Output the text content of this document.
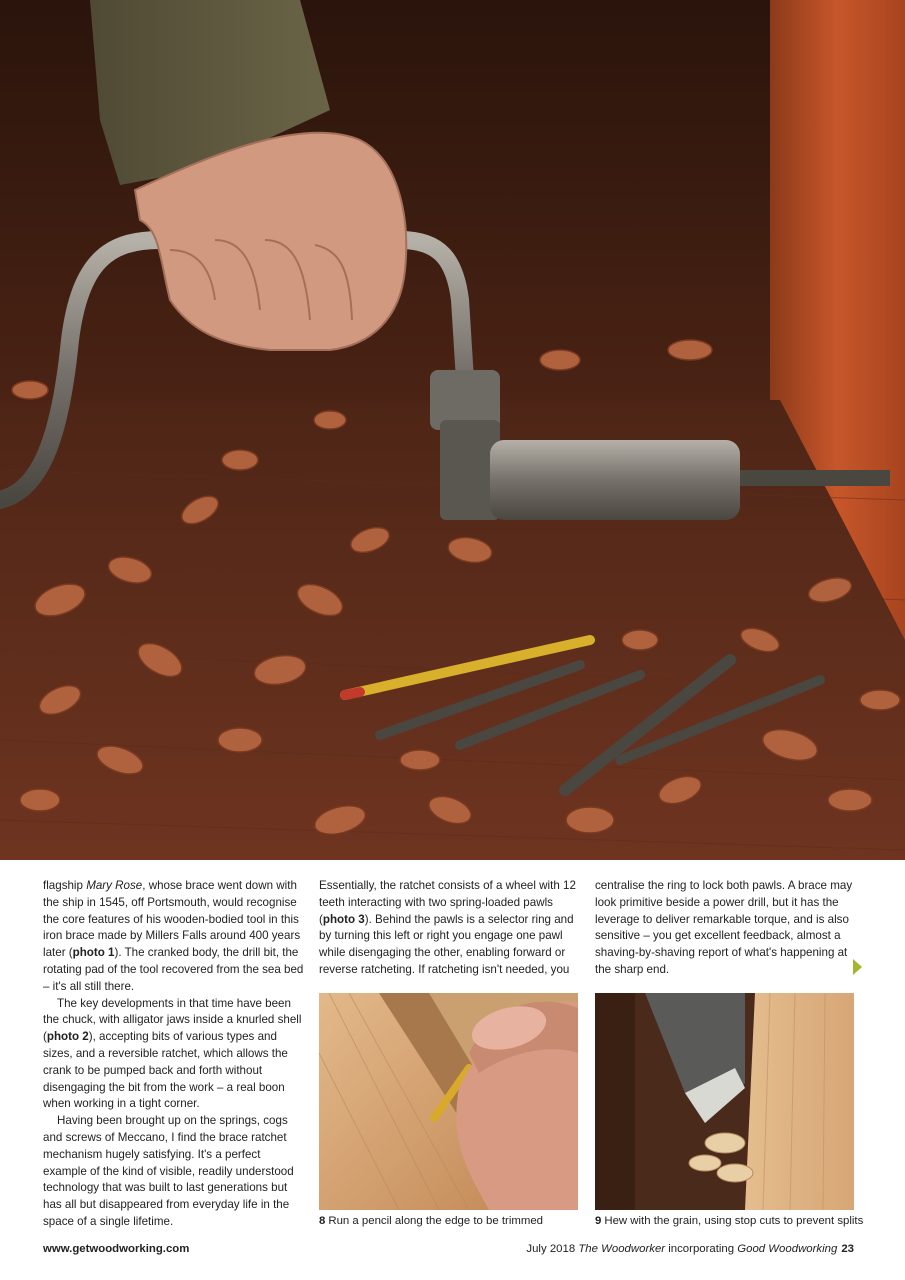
flagship Mary Rose, whose brace went down with the ship in 1545, off Portsmouth, would recognise the core features of his wooden-bodied tool in this iron brace made by Millers Falls around 400 years later (photo 1). The cranked body, the drill bit, the rotating pad of the tool recovered from the sea bed – it's all still there.

The key developments in that time have been the chuck, with alligator jaws inside a knurled shell (photo 2), accepting bits of various types and sizes, and a reversible ratchet, which allows the crank to be pumped back and forth without disengaging the bit from the work – a real boon when working in a tight corner.

Having been brought up on the springs, cogs and screws of Meccano, I find the brace ratchet mechanism hugely satisfying. It's a perfect example of the kind of visible, readily understood technology that was built to last generations but has all but disappeared from everyday life in the space of a single lifetime.

Essentially, the ratchet consists of a wheel with 12 teeth interacting with two spring-loaded pawls (photo 3). Behind the pawls is a selector ring and by turning this left or right you engage one pawl while disengaging the other, enabling forward or reverse ratcheting. If ratcheting isn't needed, you

centralise the ring to lock both pawls. A brace may look primitive beside a power drill, but it has the leverage to deliver remarkable torque, and is also sensitive – you get excellent feedback, almost a shaving-by-shaving report of what's happening at the sharp end.

8 Run a pencil along the edge to be trimmed	9 Hew with the grain, using stop cuts to prevent splits
www.getwoodworking.com	July 2018 The Woodworker incorporating Good Woodworking 23
